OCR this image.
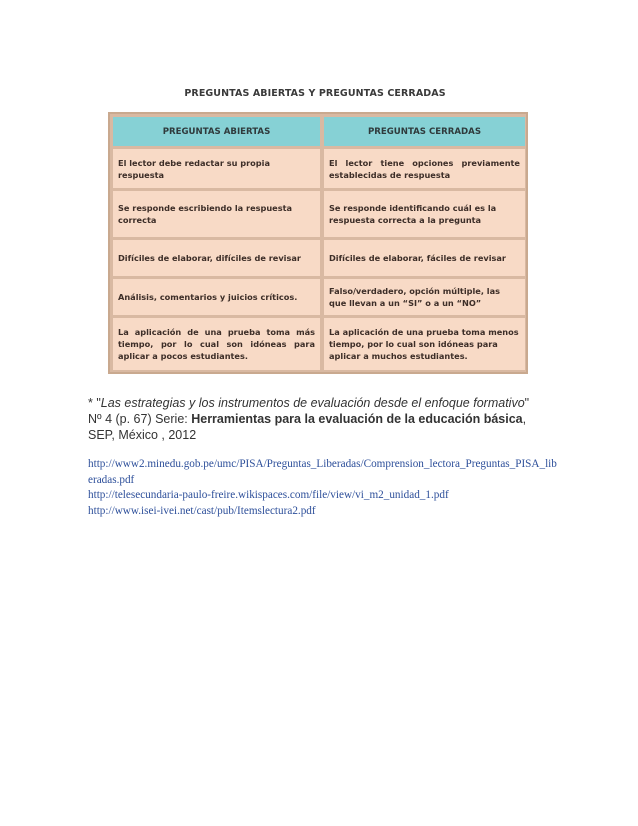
PREGUNTAS ABIERTAS Y PREGUNTAS CERRADAS
PREGUNTAS ABIERTAS	PREGUNTAS CERRADAS
El lector debe redactar su propia respuesta
El lector tiene opciones previamente establecidas de respuesta
Se responde escribiendo la respuesta correcta
Se responde identificando cuál es la respuesta correcta a la pregunta
Difíciles de elaborar, difíciles de revisar	Difíciles de elaborar, fáciles de revisar
Análisis, comentarios y juicios críticos.
Falso/verdadero, opción múltiple, las que llevan a un “SI” o a un “NO”
La aplicación de una prueba toma más tiempo, por lo cual son idóneas para aplicar a pocos estudiantes.
La aplicación de una prueba toma menos tiempo, por lo cual son idóneas para aplicar a muchos estudiantes.
* "Las estrategias y los instrumentos de evaluación desde el enfoque formativo"
Nº 4 (p. 67) Serie: Herramientas para la evaluación de la educación básica,
SEP, México , 2012
http://www2.minedu.gob.pe/umc/PISA/Preguntas_Liberadas/Comprension_lectora_Preguntas_PISA_liberadas.pdf
http://telesecundaria-paulo-freire.wikispaces.com/file/view/vi_m2_unidad_1.pdf
http://www.isei-ivei.net/cast/pub/Itemslectura2.pdf
